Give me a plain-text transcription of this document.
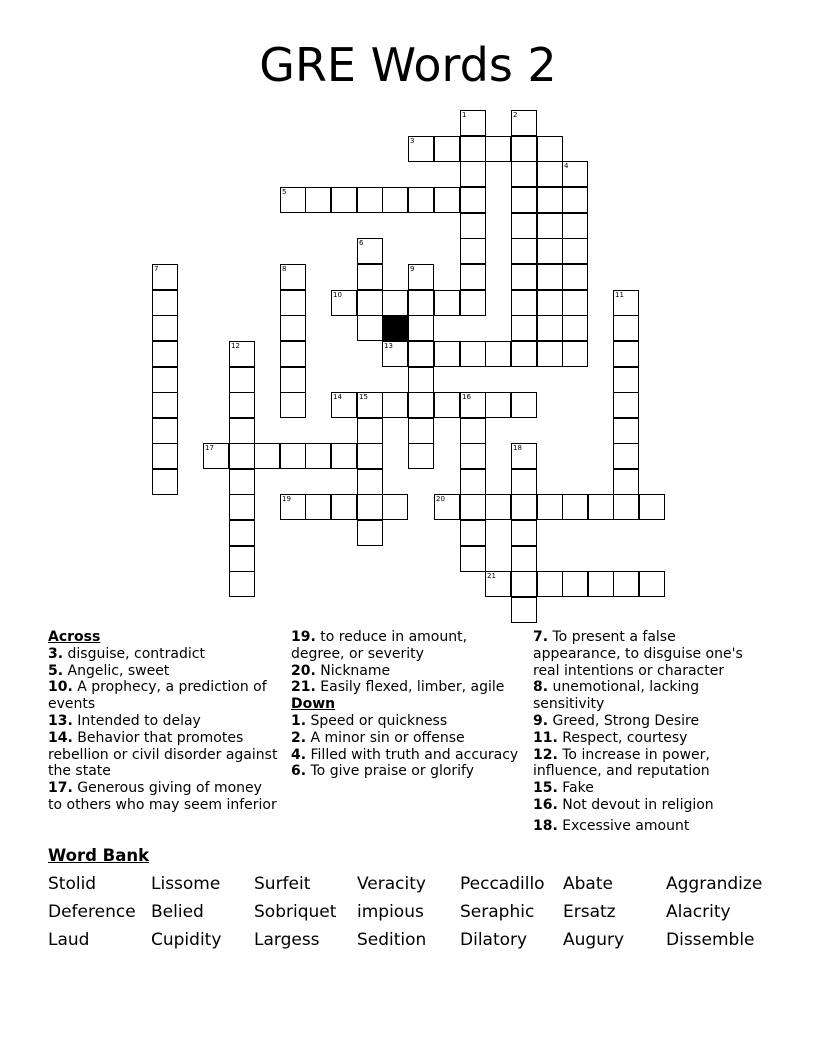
GRE Words 2
1	2
3
4
5
6
7	8	9
10	11
12	13
14 15	16
17	18
19	20
21
Across
3. disguise, contradict
5. Angelic, sweet
10. A prophecy, a prediction of events
13. Intended to delay
14. Behavior that promotes rebellion or civil disorder against the state
17. Generous giving of money to others who may seem inferior
19. to reduce in amount, degree, or severity
20. Nickname
21. Easily flexed, limber, agile
Down
1. Speed or quickness
2. A minor sin or offense
4. Filled with truth and accuracy
6. To give praise or glorify
7. To present a false appearance, to disguise one's real intentions or character
8. unemotional, lacking sensitivity
9. Greed, Strong Desire
11. Respect, courtesy
12. To increase in power, influence, and reputation
15. Fake
16. Not devout in religion
18. Excessive amount
Word Bank
Stolid	Lissome Surfeit	Veracity Peccadillo Abate	Aggrandize
Deference Belied	Sobriquet impious Seraphic Ersatz	Alacrity
Laud	Cupidity Largess Sedition Dilatory Augury Dissemble
